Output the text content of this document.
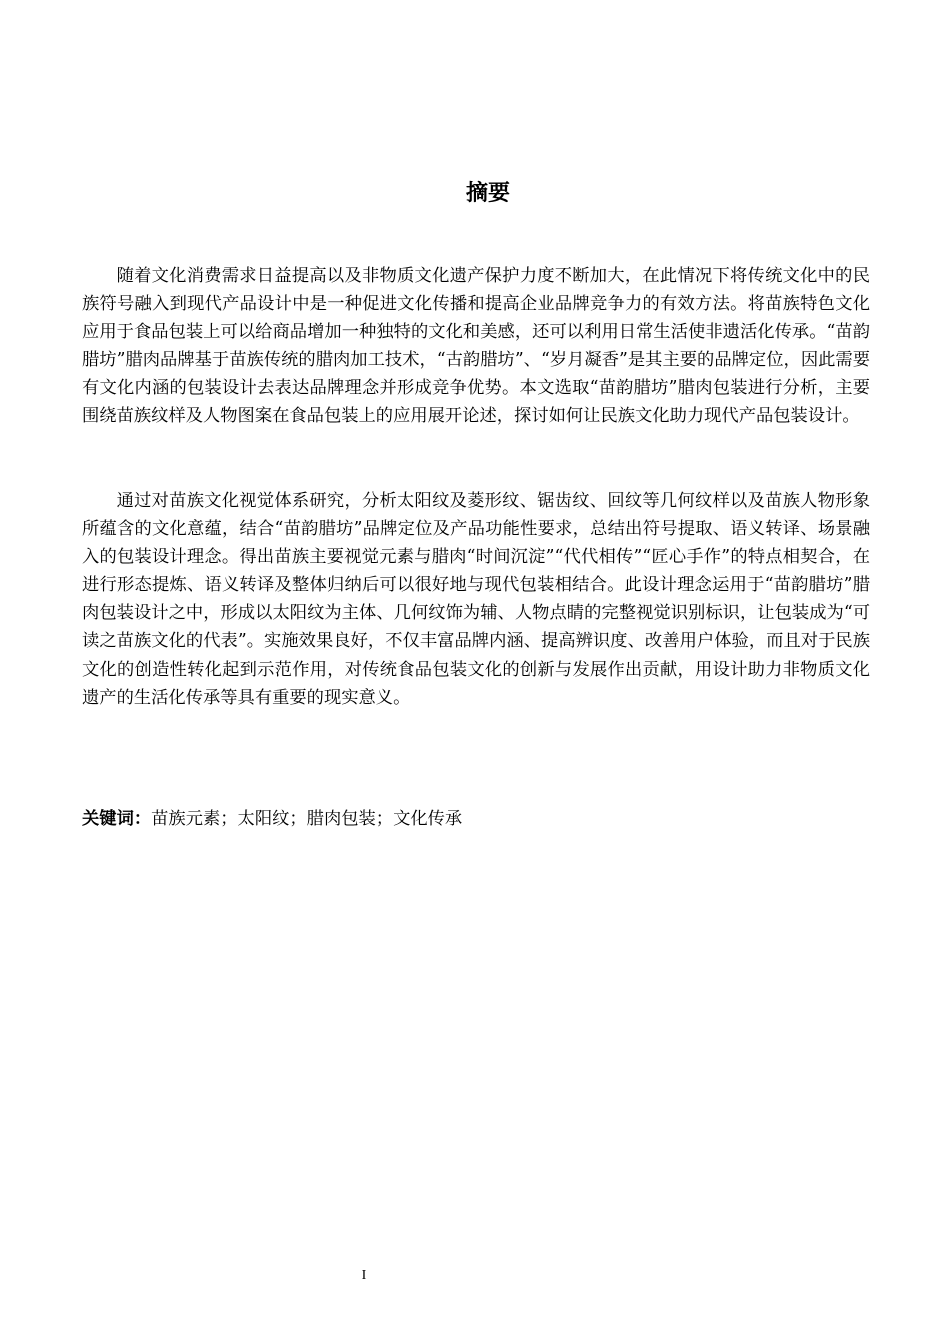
摘要

随着文化消费需求日益提高以及非物质文化遗产保护力度不断加大，在此情况下将传统文化中的民族符号融入到现代产品设计中是一种促进文化传播和提高企业品牌竞争力的有效方法。将苗族特色文化应用于食品包装上可以给商品增加一种独特的文化和美感，还可以利用日常生活使非遗活化传承。“苗韵腊坊”腊肉品牌基于苗族传统的腊肉加工技术，“古韵腊坊”、“岁月凝香”是其主要的品牌定位，因此需要有文化内涵的包装设计去表达品牌理念并形成竞争优势。本文选取“苗韵腊坊”腊肉包装进行分析，主要围绕苗族纹样及人物图案在食品包装上的应用展开论述，探讨如何让民族文化助力现代产品包装设计。

通过对苗族文化视觉体系研究，分析太阳纹及菱形纹、锯齿纹、回纹等几何纹样以及苗族人物形象所蕴含的文化意蕴，结合“苗韵腊坊”品牌定位及产品功能性要求，总结出符号提取、语义转译、场景融入的包装设计理念。得出苗族主要视觉元素与腊肉“时间沉淀”“代代相传”“匠心手作”的特点相契合，在进行形态提炼、语义转译及整体归纳后可以很好地与现代包装相结合。此设计理念运用于“苗韵腊坊”腊肉包装设计之中，形成以太阳纹为主体、几何纹饰为辅、人物点睛的完整视觉识别标识，让包装成为“可读之苗族文化的代表”。实施效果良好，不仅丰富品牌内涵、提高辨识度、改善用户体验，而且对于民族文化的创造性转化起到示范作用，对传统食品包装文化的创新与发展作出贡献，用设计助力非物质文化遗产的生活化传承等具有重要的现实意义。

关键词：苗族元素；太阳纹；腊肉包装；文化传承

I
